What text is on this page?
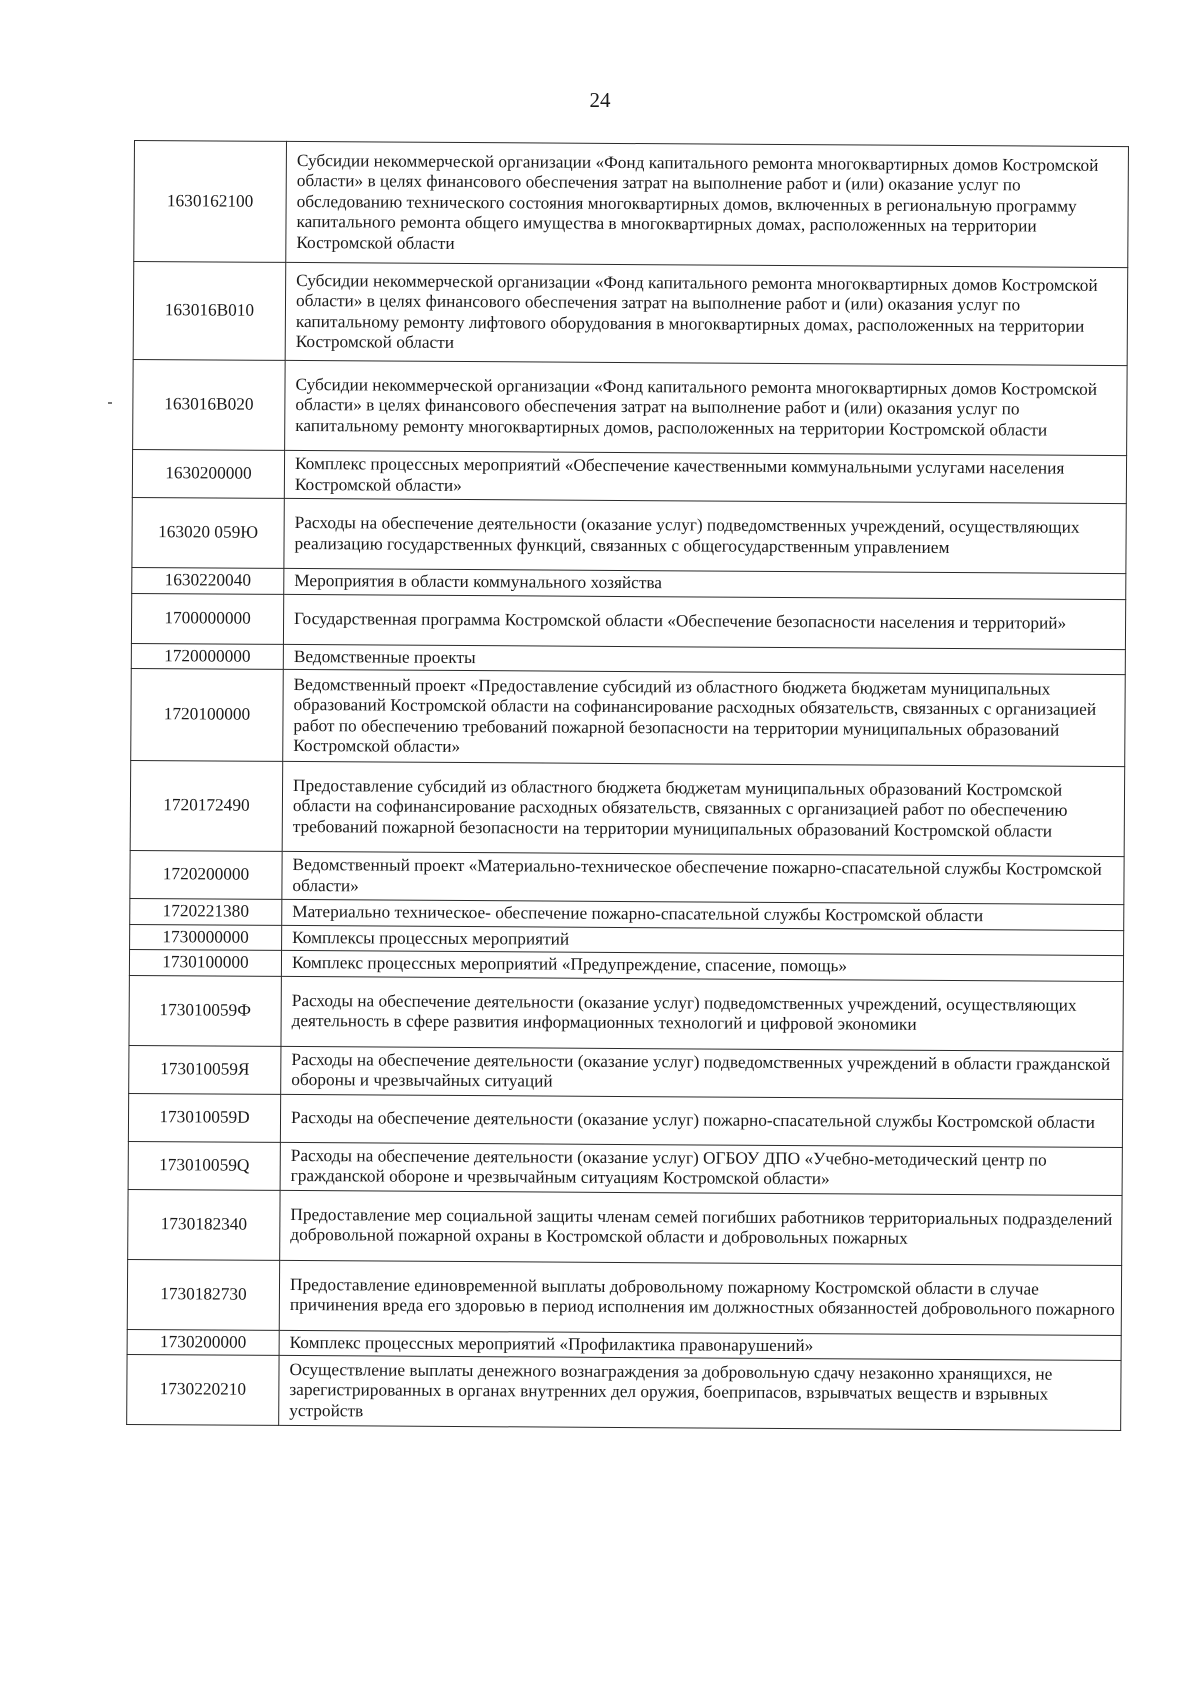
24
1630162100	Субсидии некоммерческой организации «Фонд капитального ремонта многоквартирных домов Костромской области» в целях финансового обеспечения затрат на выполнение работ и (или) оказание услуг по обследованию технического состояния многоквартирных домов, включенных в региональную программу капитального ремонта общего имущества в многоквартирных домах, расположенных на территории Костромской области
163016B010	Субсидии некоммерческой организации «Фонд капитального ремонта многоквартирных домов Костромской области» в целях финансового обеспечения затрат на выполнение работ и (или) оказания услуг по капитальному ремонту лифтового оборудования в многоквартирных домах, расположенных на территории Костромской области
163016B020	Субсидии некоммерческой организации «Фонд капитального ремонта многоквартирных домов Костромской области» в целях финансового обеспечения затрат на выполнение работ и (или) оказания услуг по капитальному ремонту многоквартирных домов, расположенных на территории Костромской области
1630200000	Комплекс процессных мероприятий «Обеспечение качественными коммунальными услугами населения Костромской области»
163020 059Ю	Расходы на обеспечение деятельности (оказание услуг) подведомственных учреждений, осуществляющих реализацию государственных функций, связанных с общегосударственным управлением
1630220040	Мероприятия в области коммунального хозяйства
1700000000	Государственная программа Костромской области «Обеспечение безопасности населения и территорий»
1720000000	Ведомственные проекты
1720100000	Ведомственный проект «Предоставление субсидий из областного бюджета бюджетам муниципальных образований Костромской области на софинансирование расходных обязательств, связанных с организацией работ по обеспечению требований пожарной безопасности на территории муниципальных образований Костромской области»
1720172490	Предоставление субсидий из областного бюджета бюджетам муниципальных образований Костромской области на софинансирование расходных обязательств, связанных с организацией работ по обеспечению требований пожарной безопасности на территории муниципальных образований Костромской области
1720200000	Ведомственный проект «Материально-техническое обеспечение пожарно-спасательной службы Костромской области»
1720221380	Материально техническое- обеспечение пожарно-спасательной службы Костромской области
1730000000	Комплексы процессных мероприятий
1730100000	Комплекс процессных мероприятий «Предупреждение, спасение, помощь»
173010059Ф	Расходы на обеспечение деятельности (оказание услуг) подведомственных учреждений, осуществляющих деятельность в сфере развития информационных технологий и цифровой экономики
173010059Я	Расходы на обеспечение деятельности (оказание услуг) подведомственных учреждений в области гражданской обороны и чрезвычайных ситуаций
173010059D	Расходы на обеспечение деятельности (оказание услуг) пожарно-спасательной службы Костромской области
173010059Q	Расходы на обеспечение деятельности (оказание услуг) ОГБОУ ДПО «Учебно-методический центр по гражданской обороне и чрезвычайным ситуациям Костромской области»
1730182340	Предоставление мер социальной защиты членам семей погибших работников территориальных подразделений добровольной пожарной охраны в Костромской области и добровольных пожарных
1730182730	Предоставление единовременной выплаты добровольному пожарному Костромской области в случае причинения вреда его здоровью в период исполнения им должностных обязанностей добровольного пожарного
1730200000	Комплекс процессных мероприятий «Профилактика правонарушений»
1730220210	Осуществление выплаты денежного вознаграждения за добровольную сдачу незаконно хранящихся, не зарегистрированных в органах внутренних дел оружия, боеприпасов, взрывчатых веществ и взрывных устройств
